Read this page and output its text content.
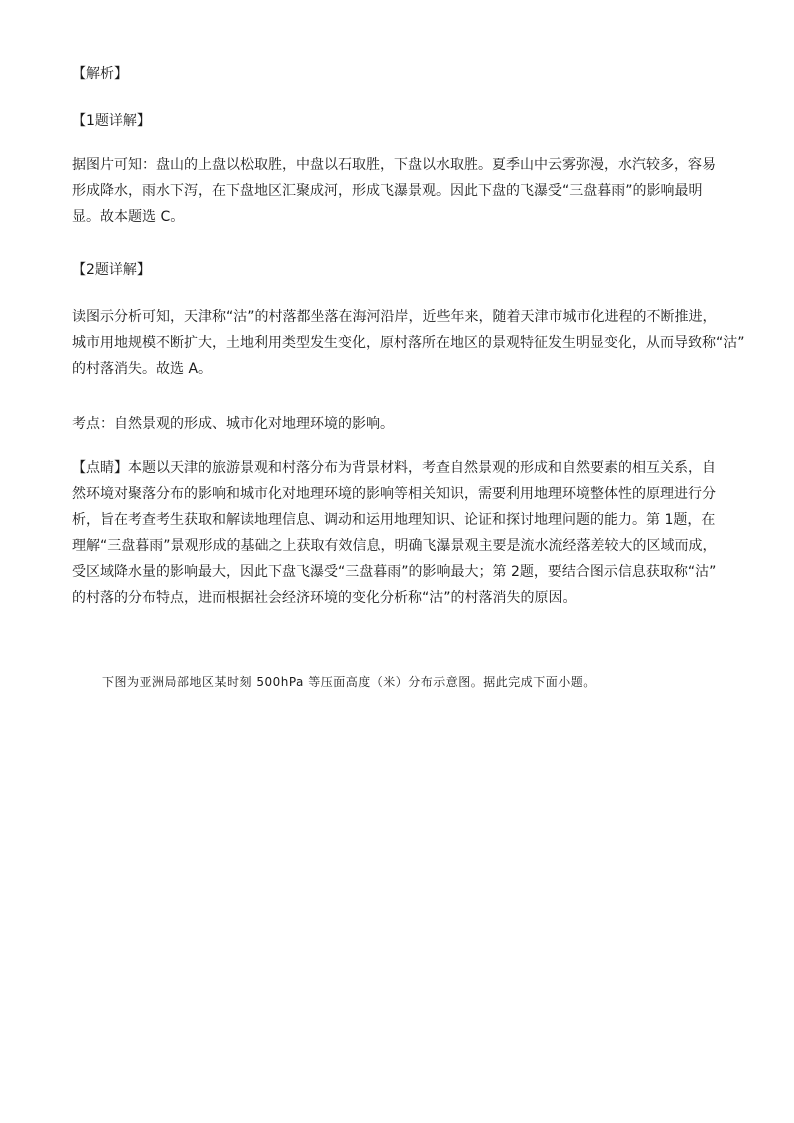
【解析】

【1题详解】

据图片可知：盘山的上盘以松取胜，中盘以石取胜，下盘以水取胜。夏季山中云雾弥漫，水汽较多，容易
形成降水，雨水下泻，在下盘地区汇聚成河，形成飞瀑景观。因此下盘的飞瀑受“三盘暮雨”的影响最明
显。故本题选 C。

【2题详解】

读图示分析可知，天津称“沽”的村落都坐落在海河沿岸，近些年来，随着天津市城市化进程的不断推进，
城市用地规模不断扩大，土地利用类型发生变化，原村落所在地区的景观特征发生明显变化，从而导致称“沽”
的村落消失。故选 A。

考点：自然景观的形成、城市化对地理环境的影响。

【点睛】本题以天津的旅游景观和村落分布为背景材料，考查自然景观的形成和自然要素的相互关系，自
然环境对聚落分布的影响和城市化对地理环境的影响等相关知识，需要利用地理环境整体性的原理进行分
析，旨在考查考生获取和解读地理信息、调动和运用地理知识、论证和探讨地理问题的能力。第 1题，在
理解“三盘暮雨”景观形成的基础之上获取有效信息，明确飞瀑景观主要是流水流经落差较大的区域而成，
受区域降水量的影响最大，因此下盘飞瀑受“三盘暮雨”的影响最大；第 2题，要结合图示信息获取称“沽”
的村落的分布特点，进而根据社会经济环境的变化分析称“沽”的村落消失的原因。

下图为亚洲局部地区某时刻 500hPa 等压面高度（米）分布示意图。据此完成下面小题。
